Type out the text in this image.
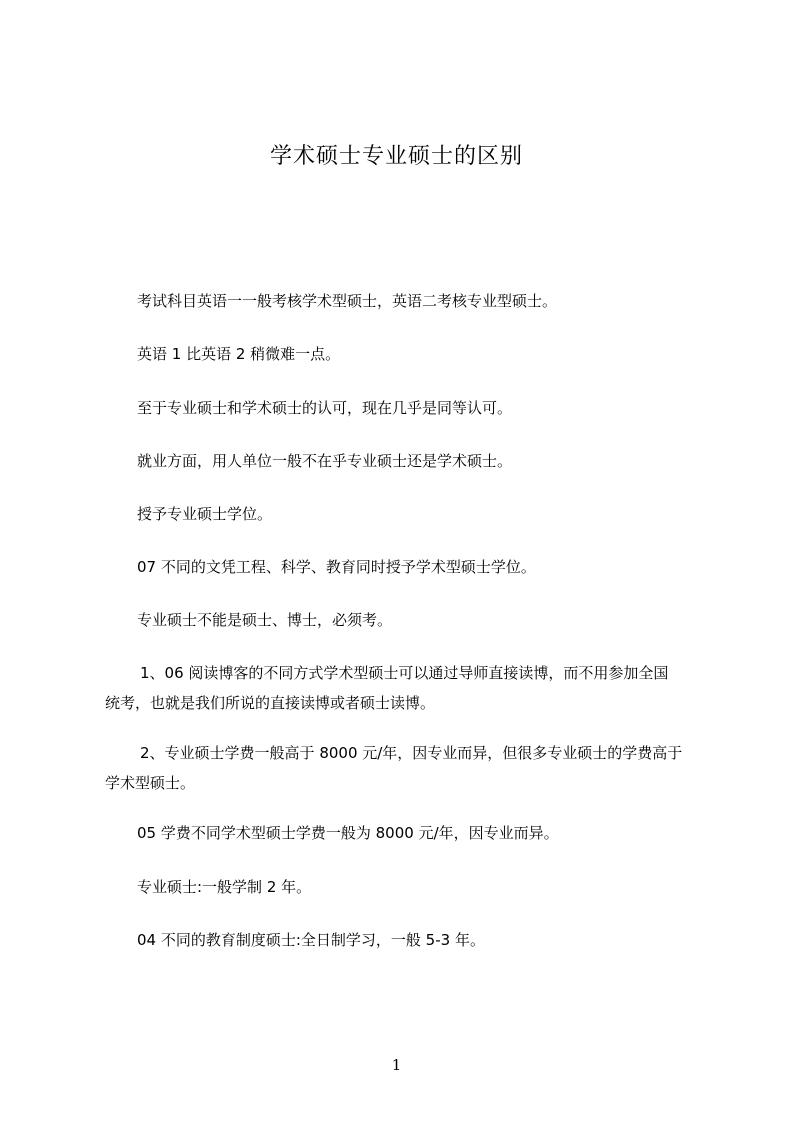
学术硕士专业硕士的区别
考试科目英语一一般考核学术型硕士，英语二考核专业型硕士。
英语 1 比英语 2 稍微难一点。
至于专业硕士和学术硕士的认可，现在几乎是同等认可。
就业方面，用人单位一般不在乎专业硕士还是学术硕士。
授予专业硕士学位。
07 不同的文凭工程、科学、教育同时授予学术型硕士学位。
专业硕士不能是硕士、博士，必须考。
1、06 阅读博客的不同方式学术型硕士可以通过导师直接读博，而不用参加全国
统考，也就是我们所说的直接读博或者硕士读博。
2、专业硕士学费一般高于 8000 元/年，因专业而异，但很多专业硕士的学费高于
学术型硕士。
05 学费不同学术型硕士学费一般为 8000 元/年，因专业而异。
专业硕士:一般学制 2 年。
04 不同的教育制度硕士:全日制学习，一般 5-3 年。
1
